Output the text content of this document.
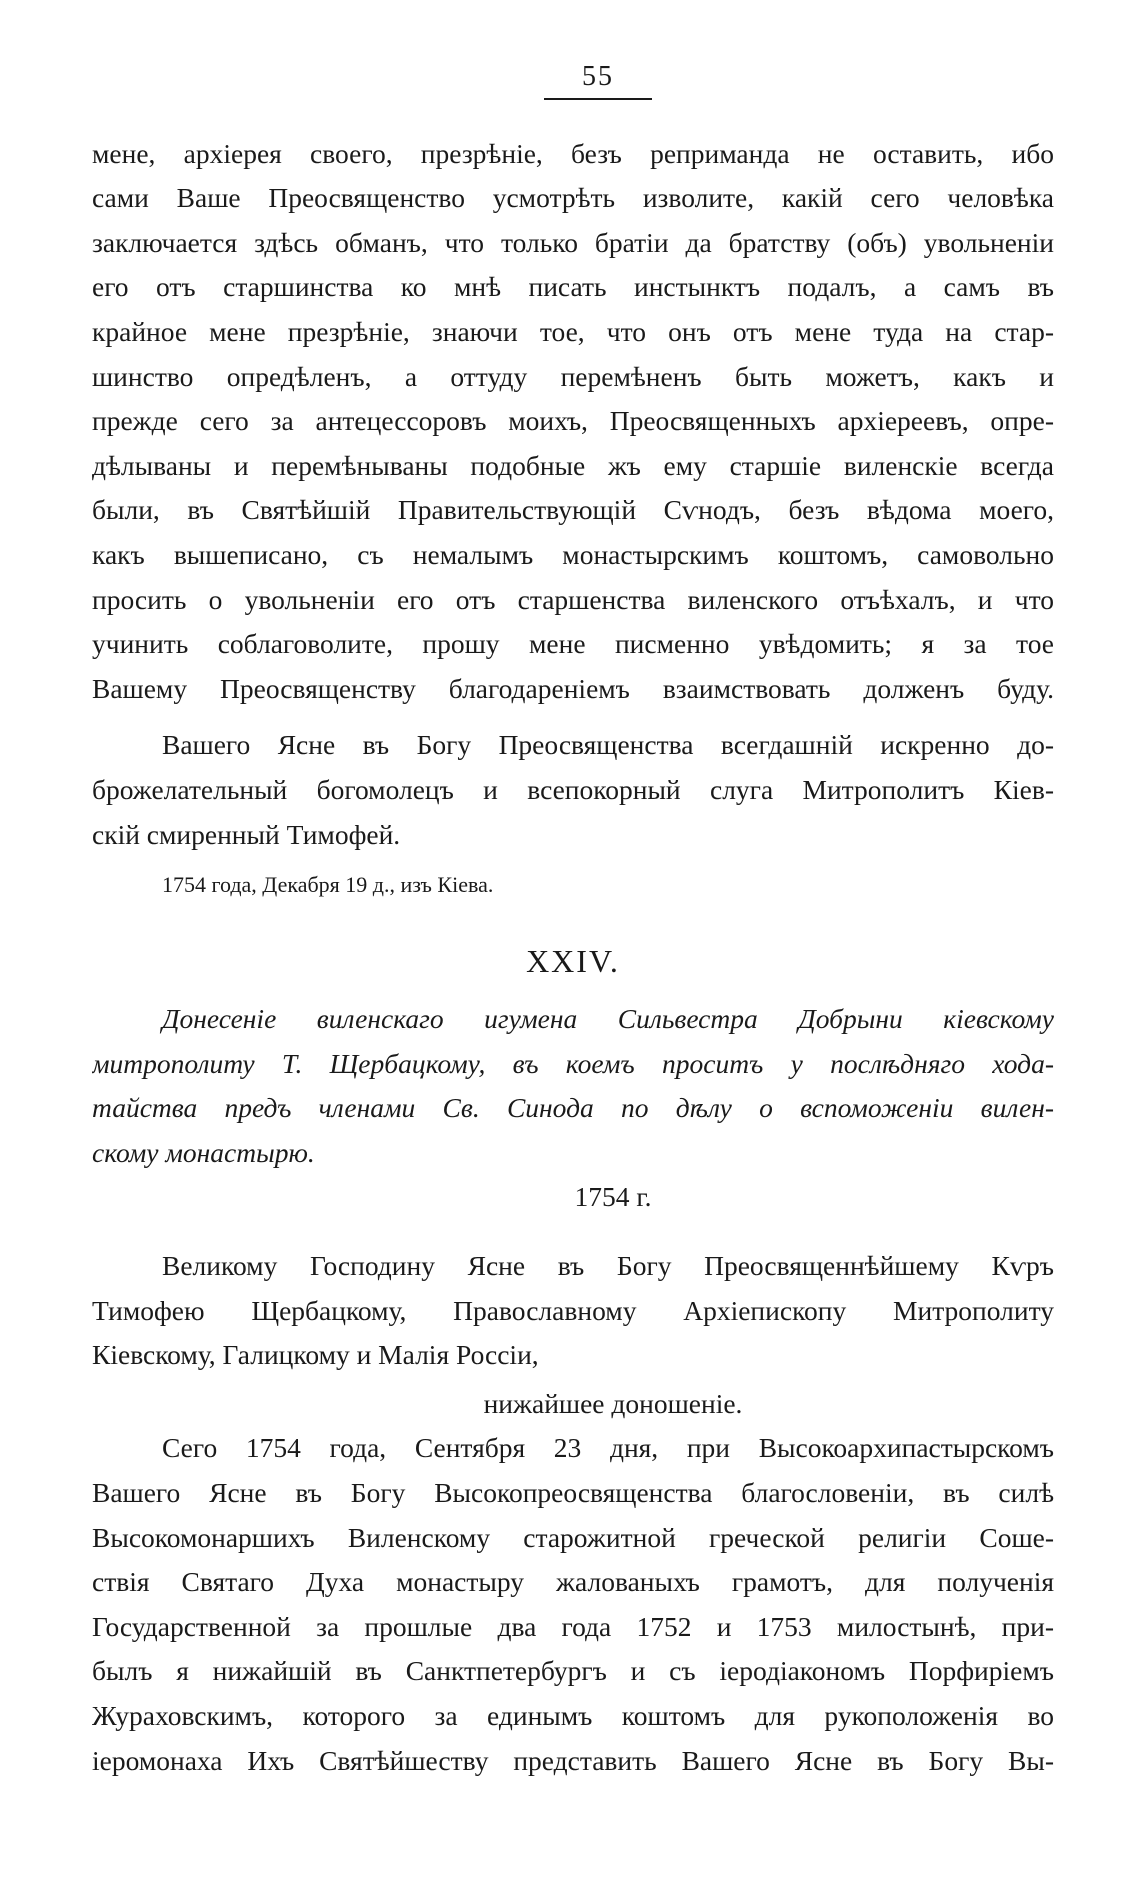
55
мене, архіерея своего, презрѣніе, безъ репримандa не оставить, ибо
сами Ваше Преосвященство усмотрѣть изволите, какій сего человѣка
заключается здѣсь обманъ, что только братіи да братству (объ) увольненіи
его отъ старшинства ко мнѣ писать инстынктъ подалъ, а самъ въ
крайное мене презрѣніе, знаючи тое, что онъ отъ мене туда на стар-
шинство опредѣленъ, а оттуду перемѣненъ быть можетъ, какъ и
прежде сего за антецессоровъ моихъ, Преосвященныхъ архіереевъ, опре-
дѣлываны и перемѣнываны подобные жъ ему старшіе виленскіе всегда
были, въ Святѣйшій Правительствующій Сѵнодъ, безъ вѣдома моего,
какъ вышеписано, съ немалымъ монастырскимъ коштомъ, самовольно
просить о увольненіи его отъ старшенства виленского отъѣхалъ, и что
учинить соблаговолите, прошу мене писменно увѣдомить; я за тое
Вашему Преосвященству благодареніемъ взаимствовать долженъ буду.
Вашего Ясне въ Богу Преосвященства всегдашній искренно до-
брожелательный богомолецъ и всепокорный слуга Митрополитъ Кіев-
скій смиренный Тимофей.
1754 года, Декабря 19 д., изъ Кіева.
XXIV.
Донесеніе виленскаго игумена Сильвестра Добрыни кіевскому
митрополиту Т. Щербацкому, въ коемъ проситъ у послѣдняго хода-
тайства предъ членами Св. Синода по дѣлу о вспоможеніи вилен-
скому монастырю.
1754 г.
Великому Господину Ясне въ Богу Преосвященнѣйшему Кѵръ
Тимофею Щербацкому, Православному Архіепископу Митрополиту
Кіевскому, Галицкому и Малія Россіи,
нижайшее доношеніе.
Сего 1754 года, Сентября 23 дня, при Высокоархипастырскомъ
Вашего Ясне въ Богу Высокопреосвященства благословеніи, въ силѣ
Высокомонаршихъ Виленскому старожитной греческой религіи Соше-
ствія Святаго Духа монастыру жалованыхъ грамотъ, для полученія
Государственной за прошлые два года 1752 и 1753 милостынѣ, при-
былъ я нижайшій въ Санктпетербургъ и съ іеродіакономъ Порфиріемъ
Жураховскимъ, которого за единымъ коштомъ для рукоположенія во
іеромонаха Ихъ Святѣйшеству представить Вашего Ясне въ Богу Вы-
